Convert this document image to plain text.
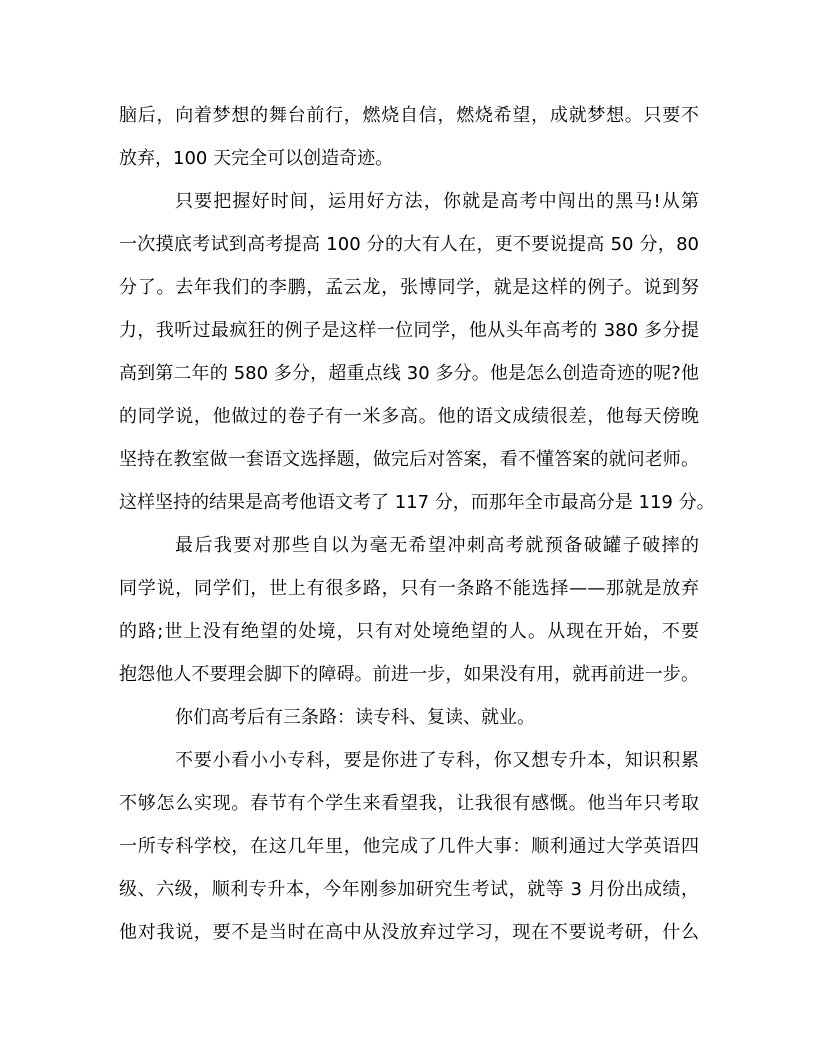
脑后，向着梦想的舞台前行，燃烧自信，燃烧希望，成就梦想。只要不
放弃，100 天完全可以创造奇迹。
只要把握好时间，运用好方法，你就是高考中闯出的黑马!从第
一次摸底考试到高考提高 100 分的大有人在，更不要说提高 50 分，80
分了。去年我们的李鹏，孟云龙，张博同学，就是这样的例子。说到努
力，我听过最疯狂的例子是这样一位同学，他从头年高考的 380 多分提
高到第二年的 580 多分，超重点线 30 多分。他是怎么创造奇迹的呢?他
的同学说，他做过的卷子有一米多高。他的语文成绩很差，他每天傍晚
坚持在教室做一套语文选择题，做完后对答案，看不懂答案的就问老师。
这样坚持的结果是高考他语文考了 117 分，而那年全市最高分是 119 分。
最后我要对那些自以为毫无希望冲刺高考就预备破罐子破摔的
同学说，同学们，世上有很多路，只有一条路不能选择——那就是放弃
的路;世上没有绝望的处境，只有对处境绝望的人。从现在开始，不要
抱怨他人不要理会脚下的障碍。前进一步，如果没有用，就再前进一步。
你们高考后有三条路：读专科、复读、就业。
不要小看小小专科，要是你进了专科，你又想专升本，知识积累
不够怎么实现。春节有个学生来看望我，让我很有感慨。他当年只考取
一所专科学校，在这几年里，他完成了几件大事：顺利通过大学英语四
级、六级，顺利专升本，今年刚参加研究生考试，就等 3 月份出成绩，
他对我说，要不是当时在高中从没放弃过学习，现在不要说考研，什么
